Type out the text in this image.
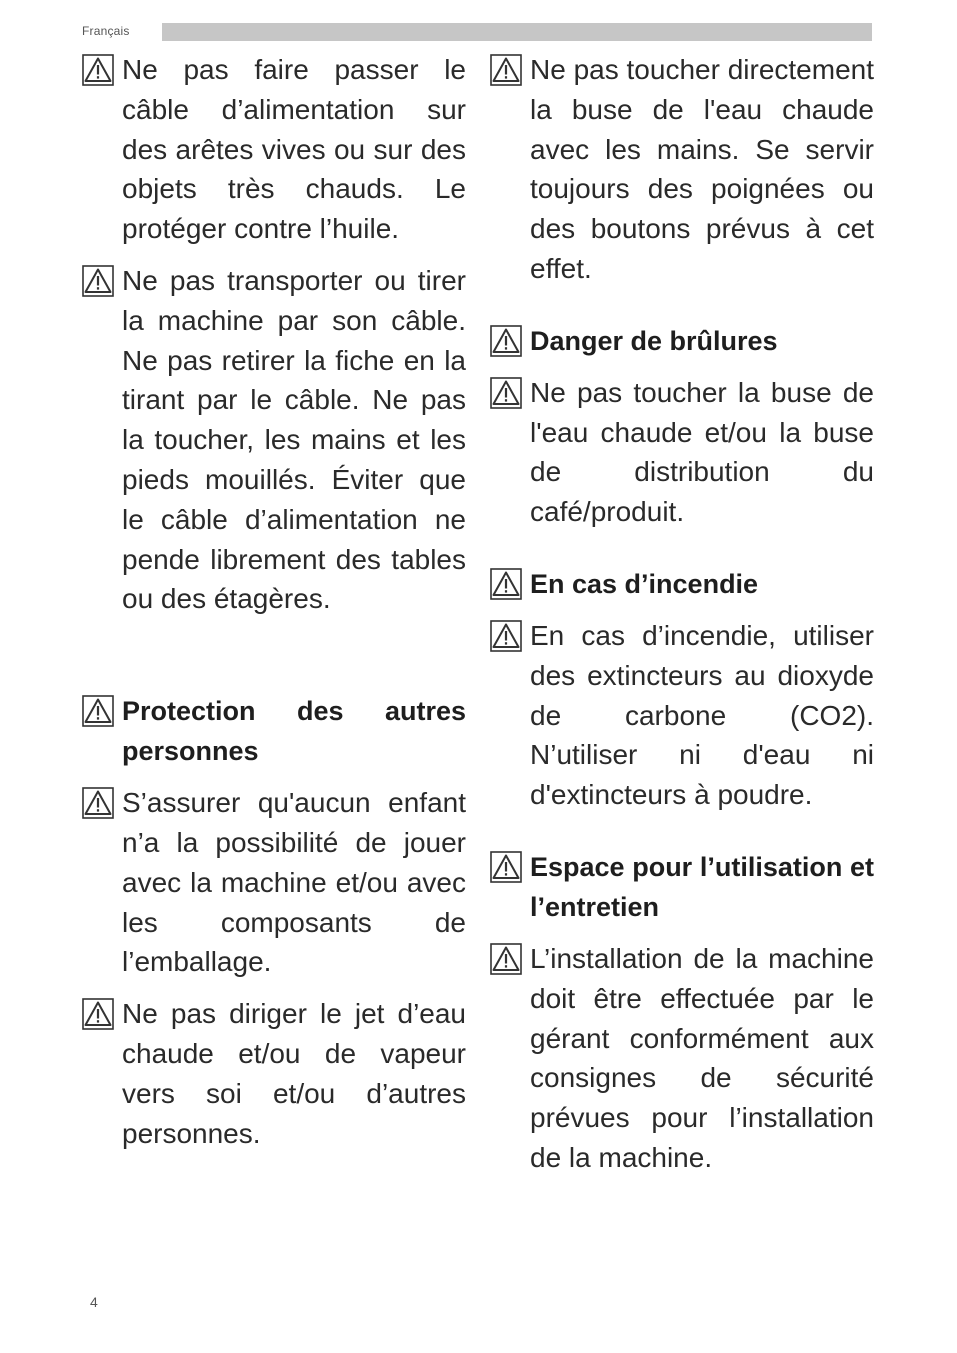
Français
Ne pas faire passer le câble d’alimentation sur des arêtes vives ou sur des objets très chauds. Le protéger contre l’huile.
Ne pas transporter ou tirer la machine par son câble. Ne pas retirer la fiche en la tirant par le câble. Ne pas la toucher, les mains et les pieds mouillés. Éviter que le câble d’alimentation ne pende librement des tables ou des étagères.
Protection des autres personnes
S’assurer qu'aucun enfant n’a la possibilité de jouer avec la machine et/ou avec les composants de l’emballage.
Ne pas diriger le jet d’eau chaude et/ou de vapeur vers soi et/ou d’autres personnes.
Ne pas toucher directement la buse de l'eau chaude avec les mains. Se servir toujours des poignées ou des boutons prévus à cet effet.
Danger de brûlures
Ne pas toucher la buse de l'eau chaude et/ou la buse de distribution du café/produit.
En cas d’incendie
En cas d’incendie, utiliser des extincteurs au dioxyde de carbone (CO2). N’utiliser ni d'eau ni d'extincteurs à poudre.
Espace pour l’utilisation et l’entretien
L’installation de la machine doit être effectuée par le gérant conformément aux consignes de sécurité prévues pour l’installation de la machine.
4
